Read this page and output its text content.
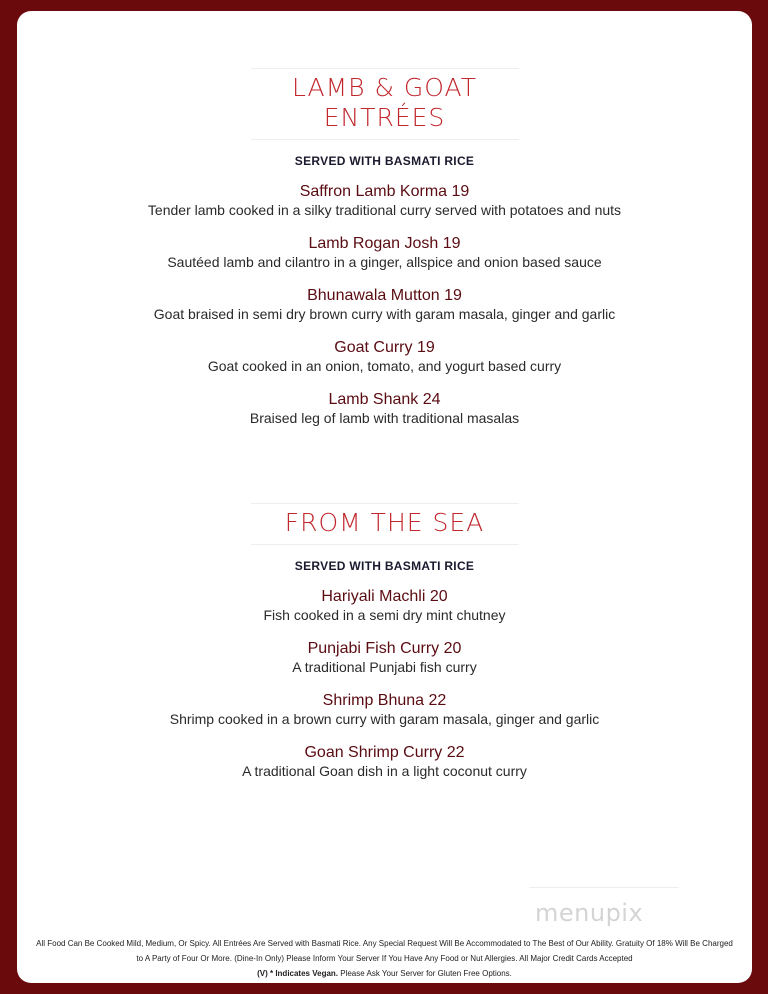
LAMB & GOAT ENTRÉES
SERVED WITH BASMATI RICE
Saffron Lamb Korma 19
Tender lamb cooked in a silky traditional curry served with potatoes and nuts
Lamb Rogan Josh 19
Sautéed lamb and cilantro in a ginger, allspice and onion based sauce
Bhunawala Mutton 19
Goat braised in semi dry brown curry with garam masala, ginger and garlic
Goat Curry 19
Goat cooked in an onion, tomato, and yogurt based curry
Lamb Shank 24
Braised leg of lamb with traditional masalas
FROM THE SEA
SERVED WITH BASMATI RICE
Hariyali Machli 20
Fish cooked in a semi dry mint chutney
Punjabi Fish Curry 20
A traditional Punjabi fish curry
Shrimp Bhuna 22
Shrimp cooked in a brown curry with garam masala, ginger and garlic
Goan Shrimp Curry 22
A traditional Goan dish in a light coconut curry
menupix
All Food Can Be Cooked Mild, Medium, Or Spicy. All Entrées Are Served with Basmati Rice. Any Special Request Will Be Accommodated to The Best of Our Ability. Gratuity Of 18% Will Be Charged
to A Party of Four Or More. (Dine-In Only) Please Inform Your Server If You Have Any Food or Nut Allergies. All Major Credit Cards Accepted
(V) * Indicates Vegan. Please Ask Your Server for Gluten Free Options.
